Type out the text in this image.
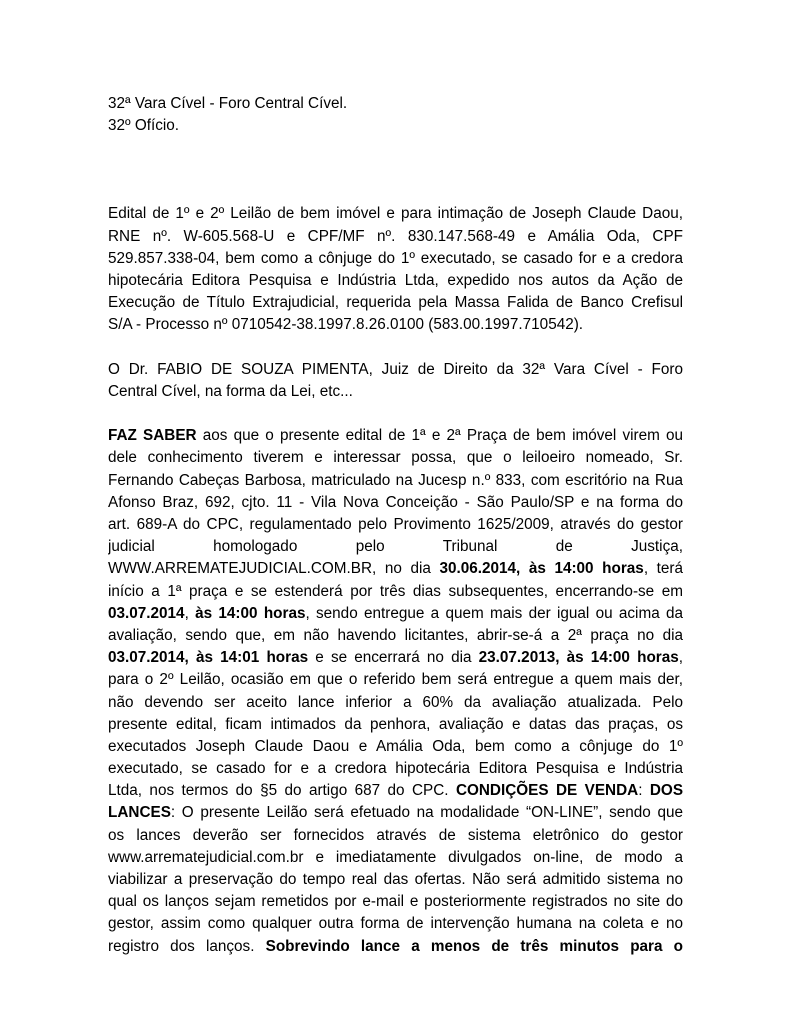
32ª Vara Cível - Foro Central Cível.
32º Ofício.
Edital de 1º e 2º Leilão de bem imóvel e para intimação de Joseph Claude Daou,
RNE nº. W-605.568-U e CPF/MF nº. 830.147.568-49 e Amália Oda, CPF
529.857.338-04, bem como a cônjuge do 1º executado, se casado for e a credora
hipotecária Editora Pesquisa e Indústria Ltda, expedido nos autos da Ação de
Execução de Título Extrajudicial, requerida pela Massa Falida de Banco Crefisul
S/A - Processo nº 0710542-38.1997.8.26.0100 (583.00.1997.710542).
O Dr. FABIO DE SOUZA PIMENTA, Juiz de Direito da 32ª Vara Cível - Foro
Central Cível, na forma da Lei, etc...
FAZ SABER aos que o presente edital de 1ª e 2ª Praça de bem imóvel virem ou
dele conhecimento tiverem e interessar possa, que o leiloeiro nomeado, Sr.
Fernando Cabeças Barbosa, matriculado na Jucesp n.º 833, com escritório na Rua
Afonso Braz, 692, cjto. 11 - Vila Nova Conceição - São Paulo/SP e na forma do
art. 689-A do CPC, regulamentado pelo Provimento 1625/2009, através do gestor
judicial homologado pelo Tribunal de Justiça,
WWW.ARREMATEJUDICIAL.COM.BR, no dia 30.06.2014, às 14:00 horas, terá
início a 1ª praça e se estenderá por três dias subsequentes, encerrando-se em
03.07.2014, às 14:00 horas, sendo entregue a quem mais der igual ou acima da
avaliação, sendo que, em não havendo licitantes, abrir-se-á a 2ª praça no dia
03.07.2014, às 14:01 horas e se encerrará no dia 23.07.2013, às 14:00 horas,
para o 2º Leilão, ocasião em que o referido bem será entregue a quem mais der,
não devendo ser aceito lance inferior a 60% da avaliação atualizada. Pelo
presente edital, ficam intimados da penhora, avaliação e datas das praças, os
executados Joseph Claude Daou e Amália Oda, bem como a cônjuge do 1º
executado, se casado for e a credora hipotecária Editora Pesquisa e Indústria
Ltda, nos termos do §5 do artigo 687 do CPC. CONDIÇÕES DE VENDA: DOS
LANCES: O presente Leilão será efetuado na modalidade “ON-LINE”, sendo que
os lances deverão ser fornecidos através de sistema eletrônico do gestor
www.arrematejudicial.com.br e imediatamente divulgados on-line, de modo a
viabilizar a preservação do tempo real das ofertas. Não será admitido sistema no
qual os lanços sejam remetidos por e-mail e posteriormente registrados no site do
gestor, assim como qualquer outra forma de intervenção humana na coleta e no
registro dos lanços. Sobrevindo lance a menos de três minutos para o
